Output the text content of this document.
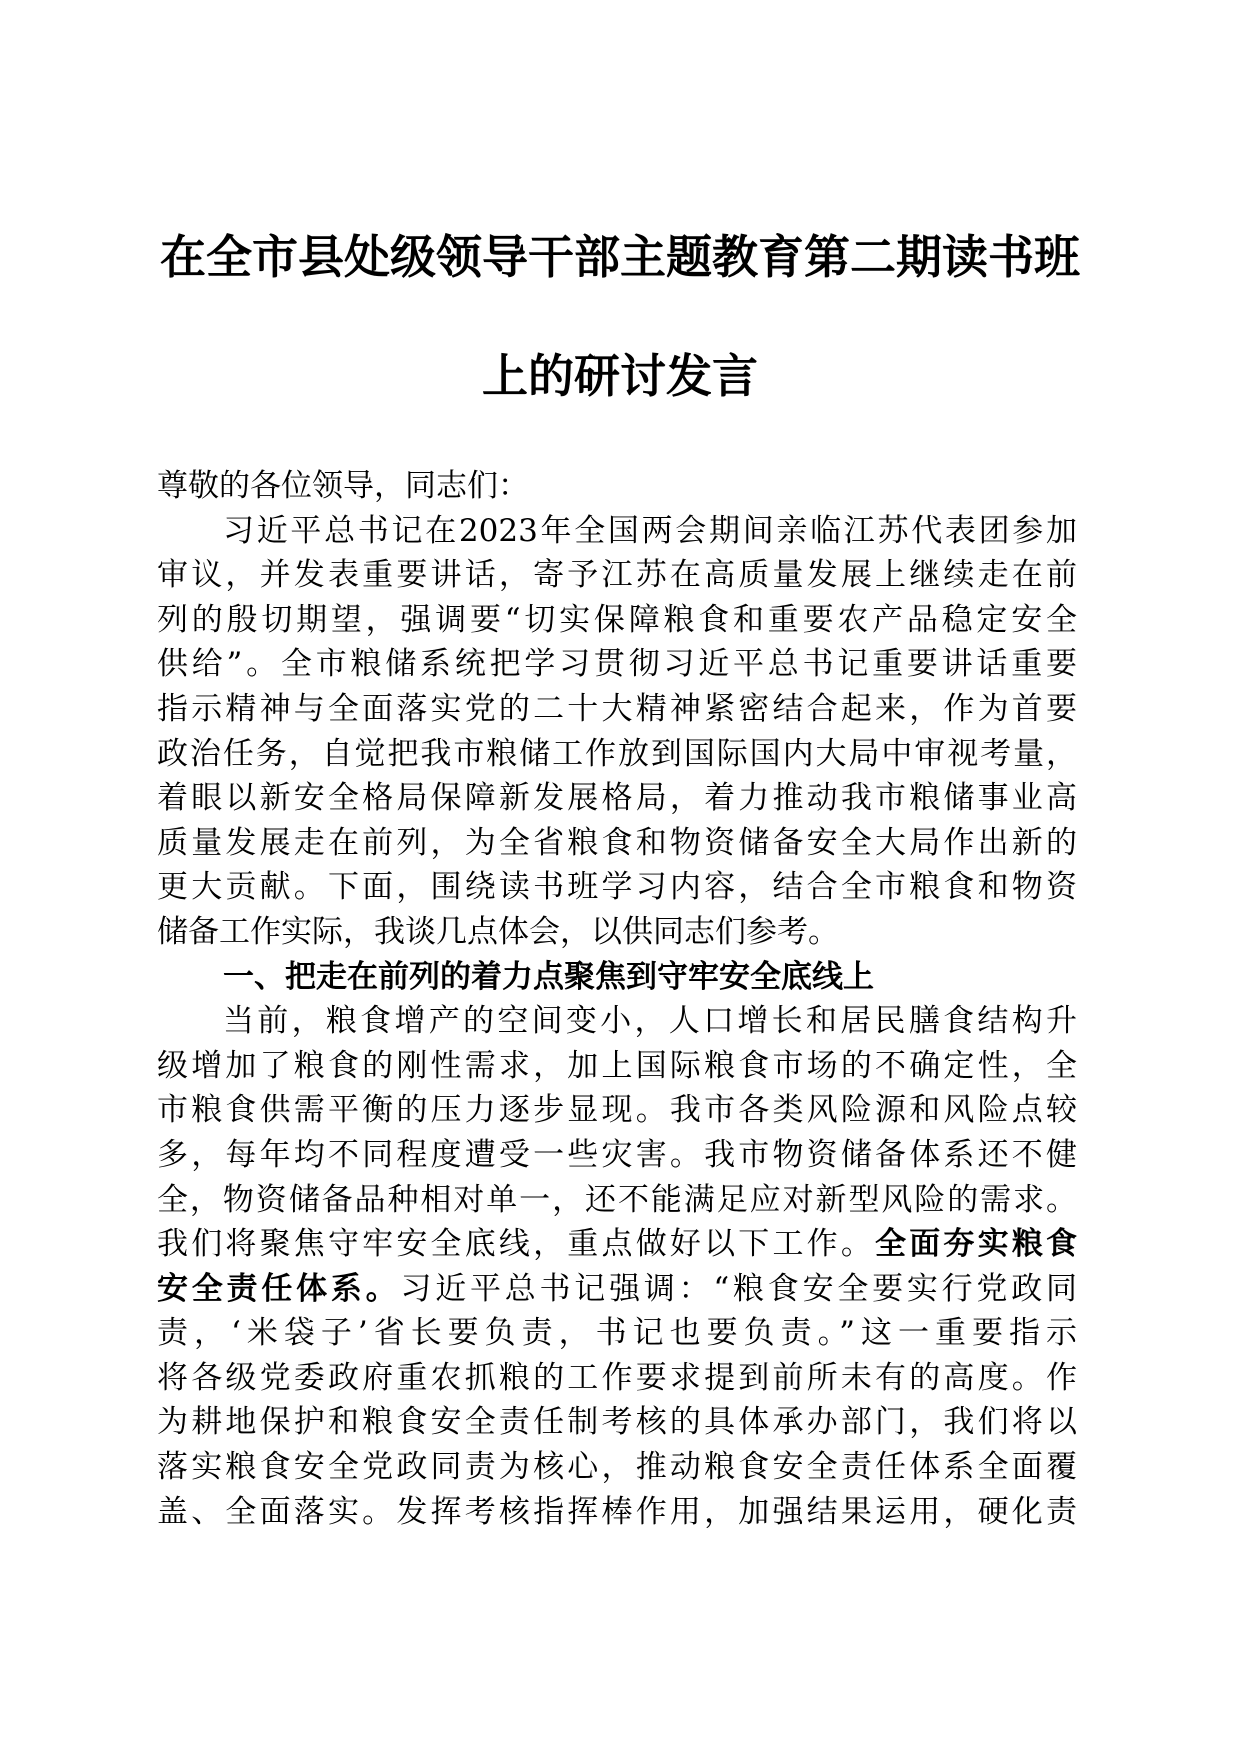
在全市县处级领导干部主题教育第二期读书班
上的研讨发言

尊敬的各位领导，同志们：

习近平总书记在2023年全国两会期间亲临江苏代表团参加

审议，并发表重要讲话，寄予江苏在高质量发展上继续走在前

列的殷切期望，强调要“切实保障粮食和重要农产品稳定安全

供给”。全市粮储系统把学习贯彻习近平总书记重要讲话重要

指示精神与全面落实党的二十大精神紧密结合起来，作为首要

政治任务，自觉把我市粮储工作放到国际国内大局中审视考量，

着眼以新安全格局保障新发展格局，着力推动我市粮储事业高

质量发展走在前列，为全省粮食和物资储备安全大局作出新的

更大贡献。下面，围绕读书班学习内容，结合全市粮食和物资

储备工作实际，我谈几点体会，以供同志们参考。

一、把走在前列的着力点聚焦到守牢安全底线上

当前，粮食增产的空间变小，人口增长和居民膳食结构升

级增加了粮食的刚性需求，加上国际粮食市场的不确定性，全

市粮食供需平衡的压力逐步显现。我市各类风险源和风险点较

多，每年均不同程度遭受一些灾害。我市物资储备体系还不健

全，物资储备品种相对单一，还不能满足应对新型风险的需求。

我们将聚焦守牢安全底线，重点做好以下工作。全面夯实粮食

安全责任体系。习近平总书记强调：“粮食安全要实行党政同

责，‘米袋子’省长要负责，书记也要负责。”这一重要指示

将各级党委政府重农抓粮的工作要求提到前所未有的高度。作

为耕地保护和粮食安全责任制考核的具体承办部门，我们将以

落实粮食安全党政同责为核心，推动粮食安全责任体系全面覆

盖、全面落实。发挥考核指挥棒作用，加强结果运用，硬化责
